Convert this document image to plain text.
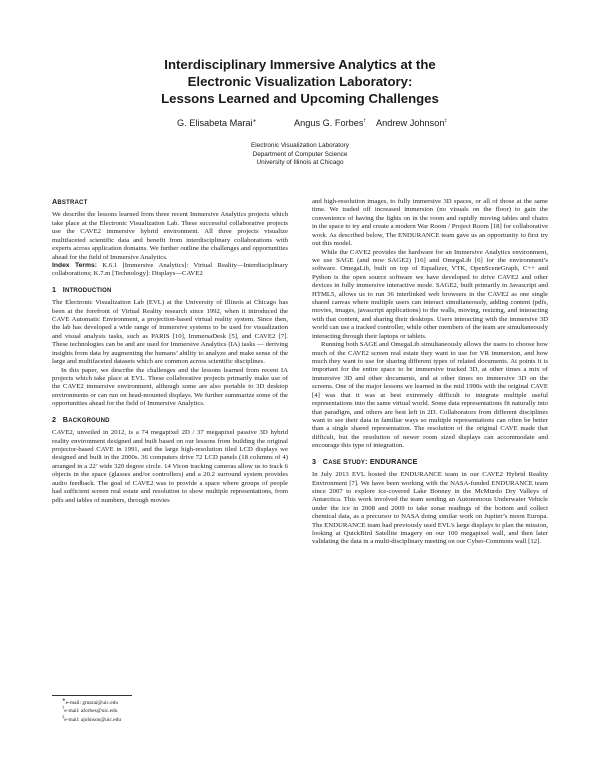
Interdisciplinary Immersive Analytics at the
Electronic Visualization Laboratory:
Lessons Learned and Upcoming Challenges
G. Elisabeta Marai∗	Angus G. Forbes† Andrew Johnson‡
Electronic Visualization Laboratory
Department of Computer Science
University of Illinois at Chicago
ABSTRACT

We describe the lessons learned from three recent Immersive Analytics projects which take place at the Electronic Visualization Lab. These successful collaborative projects use the CAVE2 immersive hybrid environment. All three projects visualize multifaceted scientific data and benefit from interdisciplinary collaborations with experts across application domains. We further outline the challenges and opportunities ahead for the field of Immersive Analytics.

Index Terms: K.6.1 [Immersive Analytics]: Virtual Reality—Interdisciplinary collaborations; K.7.m [Technology]: Displays—CAVE2

1 INTRODUCTION

The Electronic Visualization Lab (EVL) at the University of Illinois at Chicago has been at the forefront of Virtual Reality research since 1992, when it introduced the CAVE Automatic Environment, a projection-based virtual reality system. Since then, the lab has developed a wide range of immersive systems to be used for visualization and visual analysis tasks, such as PARIS [10], ImmersaDesk [5], and CAVE2 [7]. These technologies can be and are used for Immersive Analytics (IA) tasks — deriving insights from data by augmenting the humans’ ability to analyze and make sense of the large and multifaceted datasets which are common across scientific disciplines.

In this paper, we describe the challenges and the lessons learned from recent IA projects which take place at EVL. These collaborative projects primarily make use of the CAVE2 immersive environment, although some are also portable to 3D desktop environments or can run on head-mounted displays. We further summarize some of the opportunities ahead for the field of Immersive Analytics.

2 BACKGROUND

CAVE2, unveiled in 2012, is a 74 megapixel 2D / 37 megapixel passive 3D hybrid reality environment designed and built based on our lessons from building the original projector-based CAVE in 1991, and the large high-resolution tiled LCD displays we designed and built in the 2000s. 36 computers drive 72 LCD panels (18 columns of 4) arranged in a 22’ wide 320 degree circle. 14 Vicon tracking cameras allow us to track 6 objects in the space (glasses and/or controllers) and a 20.2 surround system provides audio feedback. The goal of CAVE2 was to provide a space where groups of people had sufficient screen real estate and resolution to show multiple representations, from pdfs and tables of numbers, through movies

and high-resolution images, to fully immersive 3D spaces, or all of those at the same time. We traded off increased immersion (no visuals on the floor) to gain the convenience of having the lights on in the room and rapidly moving tables and chairs in the space to try and create a modern War Room / Project Room [18] for collaborative work. As described below, The ENDURANCE team gave us an opportunity to first try out this model.

While the CAVE2 provides the hardware for an Immersive Analytics environment, we use SAGE (and now SAGE2) [16] and OmegaLib [6] for the environment’s software. OmegaLib, built on top of Equalizer, VTK, OpenSceneGraph, C++ and Python is the open source software we have developed to drive CAVE2 and other devices in fully immersive interactive mode. SAGE2, built primarily in Javascript and HTML5, allows us to run 36 interlinked web browsers in the CAVE2 as one single shared canvas where multiple users can interact simultaneously, adding content (pdfs, movies, images, javascript applications) to the walls, moving, resizing, and interacting with that content, and sharing their desktops. Users interacting with the immersive 3D world can use a tracked controller, while other members of the team are simultaneously interacting through their laptops or tablets.

Running both SAGE and OmegaLib simultaneously allows the users to choose how much of the CAVE2 screen real estate they want to use for VR immersion, and how much they want to use for sharing different types of related documents. At points it is important for the entire space to be immersive tracked 3D, at other times a mix of immersive 3D and other documents, and at other times no immersive 3D on the screens. One of the major lessons we learned in the mid 1990s with the original CAVE [4] was that it was at best extremely difficult to integrate multiple useful representations into the same virtual world. Some data representations fit naturally into that paradigm, and others are best left in 2D. Collaborators from different disciplines want to see their data in familiar ways so multiple representations can often be better than a single shared representation. The resolution of the original CAVE made that difficult, but the resolution of newer room sized displays can accommodate and encourage this type of integration.

3 CASE STUDY: ENDURANCE

In July 2013 EVL hosted the ENDURANCE team in our CAVE2 Hybrid Reality Environment [7]. We have been working with the NASA-funded ENDURANCE team since 2007 to explore ice-covered Lake Bonney in the McMurdo Dry Valleys of Antarctica. This work involved the team sending an Autonomous Underwater Vehicle under the ice in 2008 and 2009 to take sonar readings of the bottom and collect chemical data, as a precursor to NASA doing similar work on Jupiter’s moon Europa. The ENDURANCE team had previously used EVL’s large displays to plan the mission, looking at QuickBird Satellite imagery on our 100 megapixel wall, and then later validating the data in a multi-disciplinary meeting on our Cyber-Commons wall [12].

∗e-mail: gmarai@uic.edu
†e-mail: aforbes@uic.edu
‡e-mail: ajohnson@uic.edu
